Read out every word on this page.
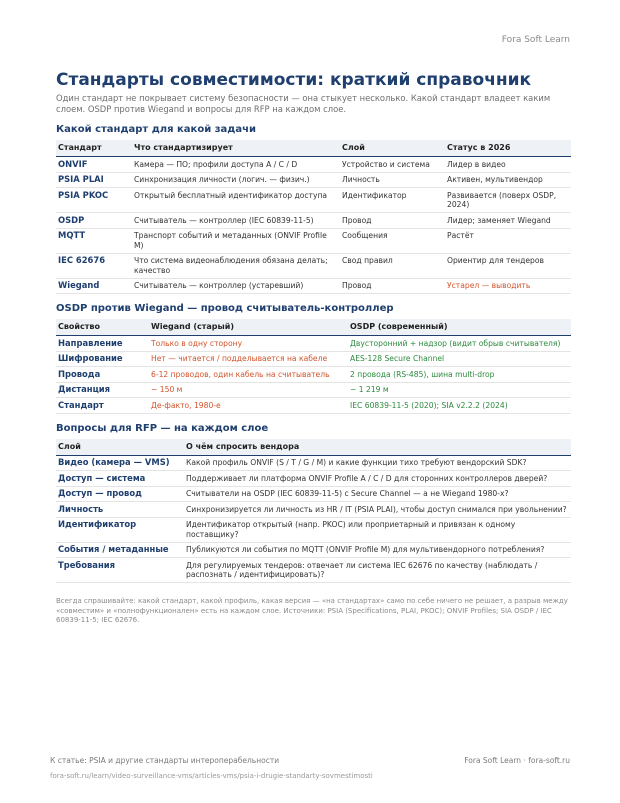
Fora Soft Learn
Стандарты совместимости: краткий справочник

Один стандарт не покрывает систему безопасности — она стыкует несколько. Какой стандарт владеет каким слоем. OSDP против Wiegand и вопросы для RFP на каждом слое.

Какой стандарт для какой задачи
Стандарт	Что стандартизирует	Слой	Статус в 2026
ONVIF	Камера — ПО; профили доступа A / C / D	Устройство и система	Лидер в видео
PSIA PLAI	Синхронизация личности (логич. — физич.)	Личность	Активен, мультивендор
PSIA PKOC	Открытый бесплатный идентификатор доступа	Идентификатор	Развивается (поверх OSDP, 2024)
OSDP	Считыватель — контроллер (IEC 60839-11-5)	Провод	Лидер; заменяет Wiegand
MQTT	Транспорт событий и метаданных (ONVIF Profile M)	Сообщения	Растёт
IEC 62676	Что система видеонаблюдения обязана делать; качество	Свод правил	Ориентир для тендеров
Wiegand	Считыватель — контроллер (устаревший)	Провод	Устарел — выводить
OSDP против Wiegand — провод считыватель-контроллер
Свойство	Wiegand (старый)	OSDP (современный)
Направление	Только в одну сторону	Двусторонний + надзор (видит обрыв считывателя)
Шифрование	Нет — читается / подделывается на кабеле	AES-128 Secure Channel
Провода	6-12 проводов, один кабель на считыватель	2 провода (RS-485), шина multi-drop
Дистанция	~ 150 м	~ 1 219 м
Стандарт	Де-факто, 1980-е	IEC 60839-11-5 (2020); SIA v2.2.2 (2024)
Вопросы для RFP — на каждом слое
Слой	О чём спросить вендора
Видео (камера — VMS)	Какой профиль ONVIF (S / T / G / M) и какие функции тихо требуют вендорский SDK?
Доступ — система	Поддерживает ли платформа ONVIF Profile A / C / D для сторонних контроллеров дверей?
Доступ — провод	Считыватели на OSDP (IEC 60839-11-5) с Secure Channel — а не Wiegand 1980-х?
Личность	Синхронизируется ли личность из HR / IT (PSIA PLAI), чтобы доступ снимался при увольнении?
Идентификатор	Идентификатор открытый (напр. PKOC) или проприетарный и привязан к одному поставщику?
События / метаданные	Публикуются ли события по MQTT (ONVIF Profile M) для мультивендорного потребления?
Требования	Для регулируемых тендеров: отвечает ли система IEC 62676 по качеству (наблюдать / распознать / идентифицировать)?

Всегда спрашивайте: какой стандарт, какой профиль, какая версия — «на стандартах» само по себе ничего не решает, а разрыв между «совместим» и «полнофункционален» есть на каждом слое. Источники: PSIA (Specifications, PLAI, PKOC); ONVIF Profiles; SIA OSDP / IEC 60839-11-5; IEC 62676.

К статье: PSIA и другие стандарты интероперабельности
fora-soft.ru/learn/video-surveillance-vms/articles-vms/psia-i-drugie-standarty-sovmestimosti
Fora Soft Learn · fora-soft.ru
